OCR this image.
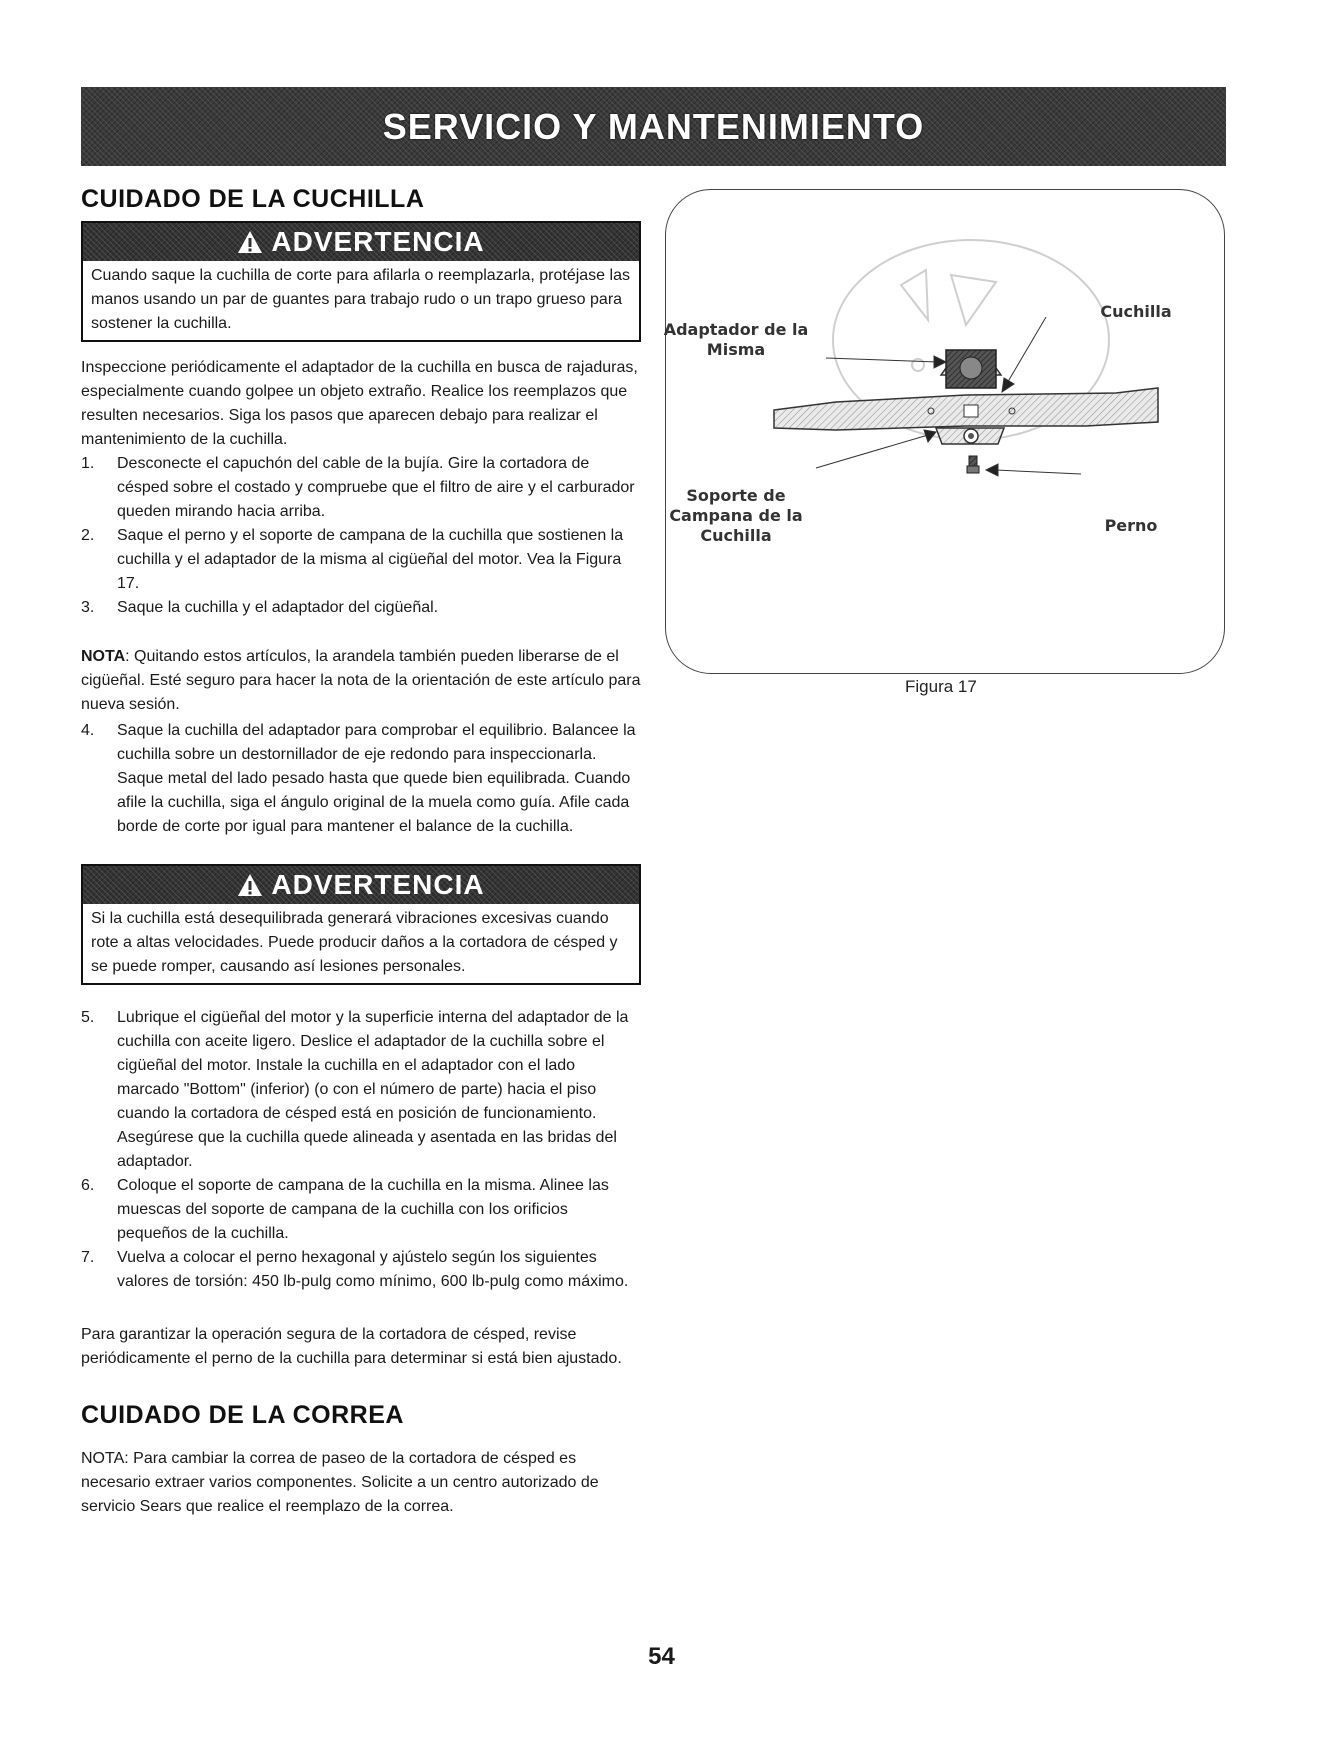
SERVICIO Y MANTENIMIENTO
CUIDADO DE LA CUCHILLA
ADVERTENCIA
Cuando saque la cuchilla de corte para afilarla o reemplazarla, protéjase las manos usando un par de guantes para trabajo rudo o un trapo grueso para sostener la cuchilla.

Inspeccione periódicamente el adaptador de la cuchilla en busca de rajaduras, especialmente cuando golpee un objeto extraño. Realice los reemplazos que resulten necesarios. Siga los pasos que aparecen debajo para realizar el mantenimiento de la cuchilla.

1.	Desconecte el capuchón del cable de la bujía. Gire la cortadora de césped sobre el costado y compruebe que el filtro de aire y el carburador queden mirando hacia arriba.
2.	Saque el perno y el soporte de campana de la cuchilla que sostienen la cuchilla y el adaptador de la misma al cigüeñal del motor. Vea la Figura 17.
3.	Saque la cuchilla y el adaptador del cigüeñal.

NOTA: Quitando estos artículos, la arandela también pueden liberarse de el cigüeñal. Esté seguro para hacer la nota de la orientación de este artículo para nueva sesión.

4.	Saque la cuchilla del adaptador para comprobar el equilibrio. Balancee la cuchilla sobre un destornillador de eje redondo para inspeccionarla. Saque metal del lado pesado hasta que quede bien equilibrada. Cuando afile la cuchilla, siga el ángulo original de la muela como guía. Afile cada borde de corte por igual para mantener el balance de la cuchilla.
ADVERTENCIA
Si la cuchilla está desequilibrada generará vibraciones excesivas cuando rote a altas velocidades. Puede producir daños a la cortadora de césped y se puede romper, causando así lesiones personales.
5.	Lubrique el cigüeñal del motor y la superficie interna del adaptador de la cuchilla con aceite ligero. Deslice el adaptador de la cuchilla sobre el cigüeñal del motor. Instale la cuchilla en el adaptador con el lado marcado "Bottom" (inferior) (o con el número de parte) hacia el piso cuando la cortadora de césped está en posición de funcionamiento. Asegúrese que la cuchilla quede alineada y asentada en las bridas del adaptador.
6.	Coloque el soporte de campana de la cuchilla en la misma. Alinee las muescas del soporte de campana de la cuchilla con los orificios pequeños de la cuchilla.
7.	Vuelva a colocar el perno hexagonal y ajústelo según los siguientes valores de torsión: 450 lb-pulg como mínimo, 600 lb-pulg como máximo.

Para garantizar la operación segura de la cortadora de césped, revise periódicamente el perno de la cuchilla para determinar si está bien ajustado.

CUIDADO DE LA CORREA

NOTA: Para cambiar la correa de paseo de la cortadora de césped es necesario extraer varios componentes. Solicite a un centro autorizado de servicio Sears que realice el reemplazo de la correa.

Adaptador de la Misma
Cuchilla
Soporte de Campana de la Cuchilla
Perno
Figura 17
54
